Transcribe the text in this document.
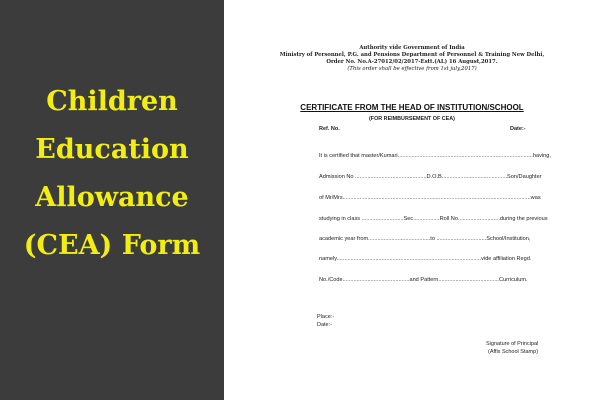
Children
Education
Allowance
(CEA) Form
Authority vide Government of India
Ministry of Personnel, P.G. and Pensions Department of Personnel & Training New Delhi,
Order No. No.A-27012/02/2017-Estt.(AL) 16 August,2017.
(This order shall be effective from 1st july,2017)
CERTIFICATE FROM THE HEAD OF INSTITUTION/SCHOOL
(FOR REIMBURSEMENT OF CEA)
Ref. No.	Date:-
It is certified that master/Kumari.......................................................................................having,
Admission No ..............................................D.O.B..........................................Son/Daughter
of Mr/Mrs.........................................................................................................................was
studying in class ...........................Sec.................Roll No...........................during the previous
academic year from........................................to ................................School/Institution,
namely.............................................................................................vide affiliation Regd.
No./Code...........................................and Pattern.......................................Curriculum.
Place:-
Date:-
Signature of Principal
(Affix School Stamp)
